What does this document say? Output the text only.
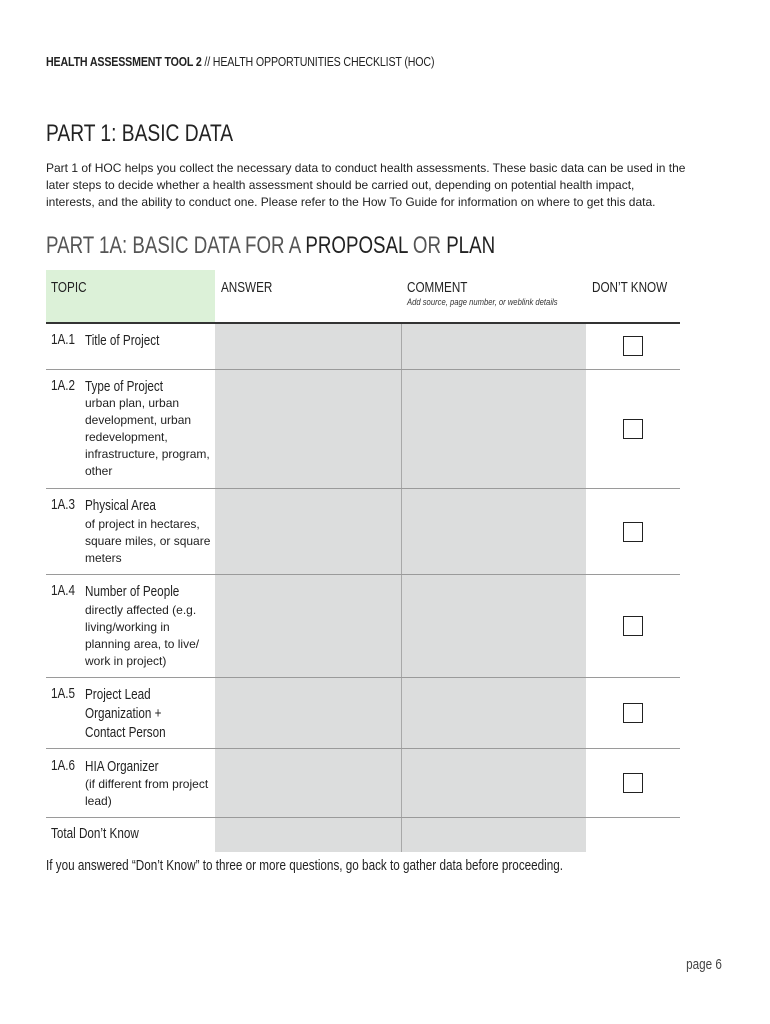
HEALTH ASSESSMENT TOOL 2 // HEALTH OPPORTUNITIES CHECKLIST (HOC)
PART 1: BASIC DATA

Part 1 of HOC helps you collect the necessary data to conduct health assessments. These basic data can be used in the later steps to decide whether a health assessment should be carried out, depending on potential health impact, interests, and the ability to conduct one. Please refer to the How To Guide for information on where to get this data.

PART 1A: BASIC DATA FOR A PROPOSAL OR PLAN
TOPIC	ANSWER	COMMENT
Add source, page number, or weblink details
DON’T KNOW
1A.1 Title of Project
1A.2 Type of Project
urban plan, urban development, urban redevelopment, infrastructure, program, other
1A.3 Physical Area
of project in hectares, square miles, or square meters
1A.4 Number of People
directly affected (e.g. living/working in planning area, to live/ work in project)
1A.5 Project Lead
Organization +
Contact Person
1A.6 HIA Organizer
(if different from project lead)
Total Don’t Know

If you answered “Don’t Know” to three or more questions, go back to gather data before proceeding.

page 6
